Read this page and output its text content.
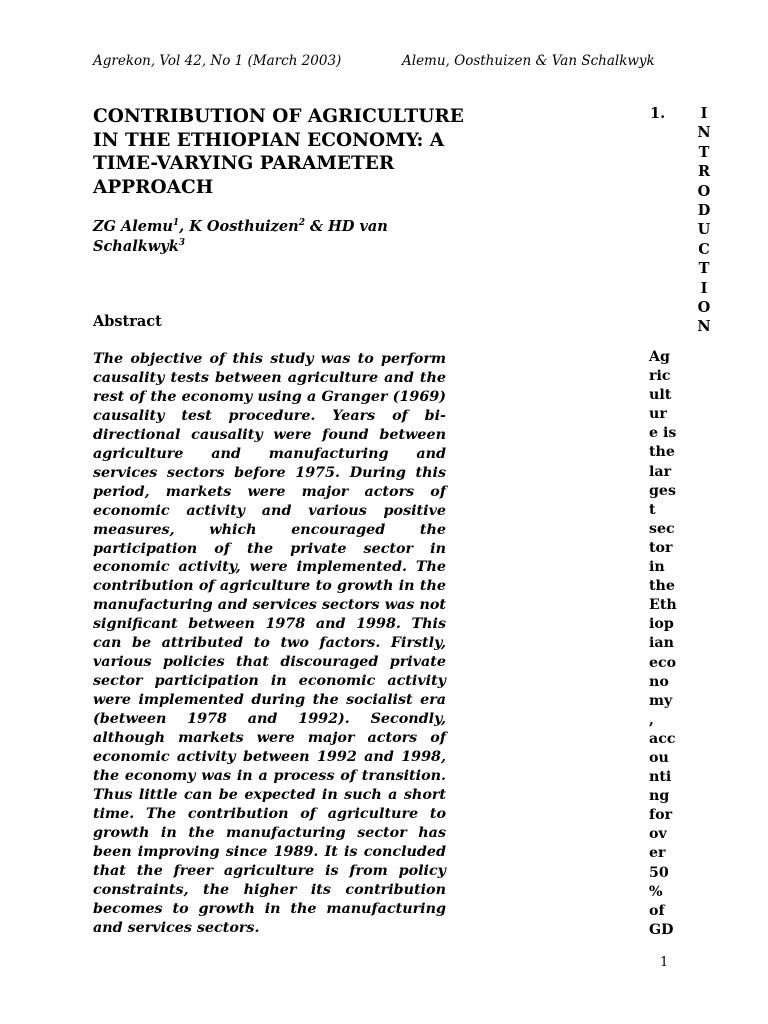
Agrekon, Vol 42, No 1 (March 2003)	Alemu, Oosthuizen & Van Schalkwyk
CONTRIBUTION OF AGRICULTURE IN THE ETHIOPIAN ECONOMY: A TIME-VARYING PARAMETER APPROACH
ZG Alemu$^1$, K Oosthuizen$^2$ & HD van Schalkwyk$^3$
Abstract
The objective of this study was to perform causality tests between agriculture and the rest of the economy using a Granger (1969) causality test procedure. Years of bi-directional causality were found between agriculture and manufacturing and services sectors before 1975. During this period, markets were major actors of economic activity and various positive measures, which encouraged the participation of the private sector in economic activity, were implemented. The contribution of agriculture to growth in the manufacturing and services sectors was not significant between 1978 and 1998. This can be attributed to two factors. Firstly, various policies that discouraged private sector participation in economic activity were implemented during the socialist era (between 1978 and 1992). Secondly, although markets were major actors of economic activity between 1992 and 1998, the economy was in a process of transition. Thus little can be expected in such a short time. The contribution of agriculture to growth in the manufacturing sector has been improving since 1989. It is concluded that the freer agriculture is from policy constraints, the higher its contribution becomes to growth in the manufacturing and services sectors.
1.	I
N
T
R
O
D
U
C
T
I
O
N
Ag
ric
ult
ur
e is
the
lar
ges
t
sec
tor
in
the
Eth
iop
ian
eco
no
my
,
acc
ou
nti
ng
for
ov
er
50
%
of
GD
1
